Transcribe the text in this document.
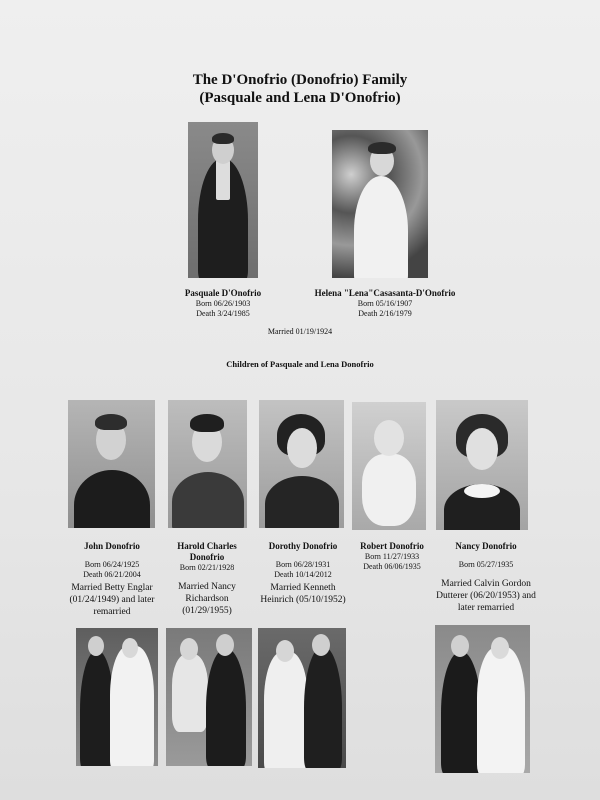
The D'Onofrio (Donofrio) Family
(Pasquale and Lena D'Onofrio)
Pasquale D'Onofrio
Born 06/26/1903
Death 3/24/1985
Helena "Lena"Casasanta-D'Onofrio
Born 05/16/1907
Death 2/16/1979
Married 01/19/1924
Children of Pasquale and Lena Donofrio
John Donofrio
Born 06/24/1925
Death 06/21/2004
Married Betty Englar (01/24/1949) and later remarried
Harold Charles Donofrio
Born 02/21/1928
Married Nancy Richardson (01/29/1955)
Dorothy Donofrio
Born 06/28/1931
Death 10/14/2012
Married Kenneth Heinrich (05/10/1952)
Robert Donofrio
Born 11/27/1933
Death 06/06/1935
Nancy Donofrio
Born 05/27/1935
Married Calvin Gordon Dutterer (06/20/1953) and later remarried
